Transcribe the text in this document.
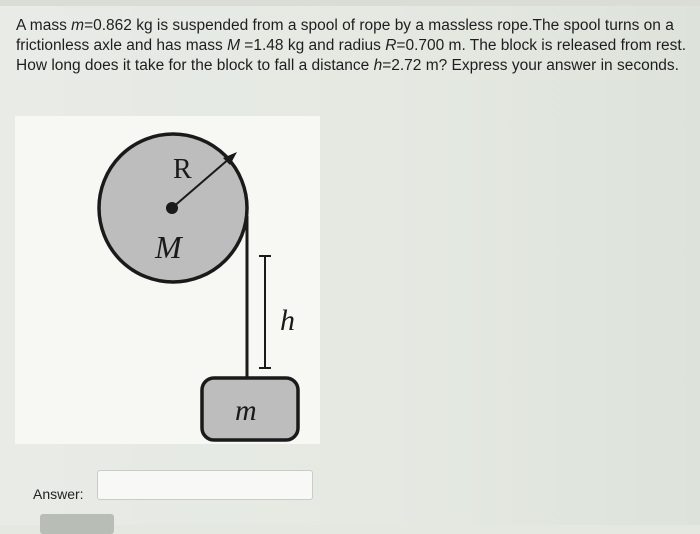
A mass m=0.862 kg is suspended from a spool of rope by a massless rope.The spool turns on a frictionless axle and has mass M =1.48 kg and radius R=0.700 m. The block is released from rest. How long does it take for the block to fall a distance h=2.72 m? Express your answer in seconds.
R
M
h
m
Answer:
